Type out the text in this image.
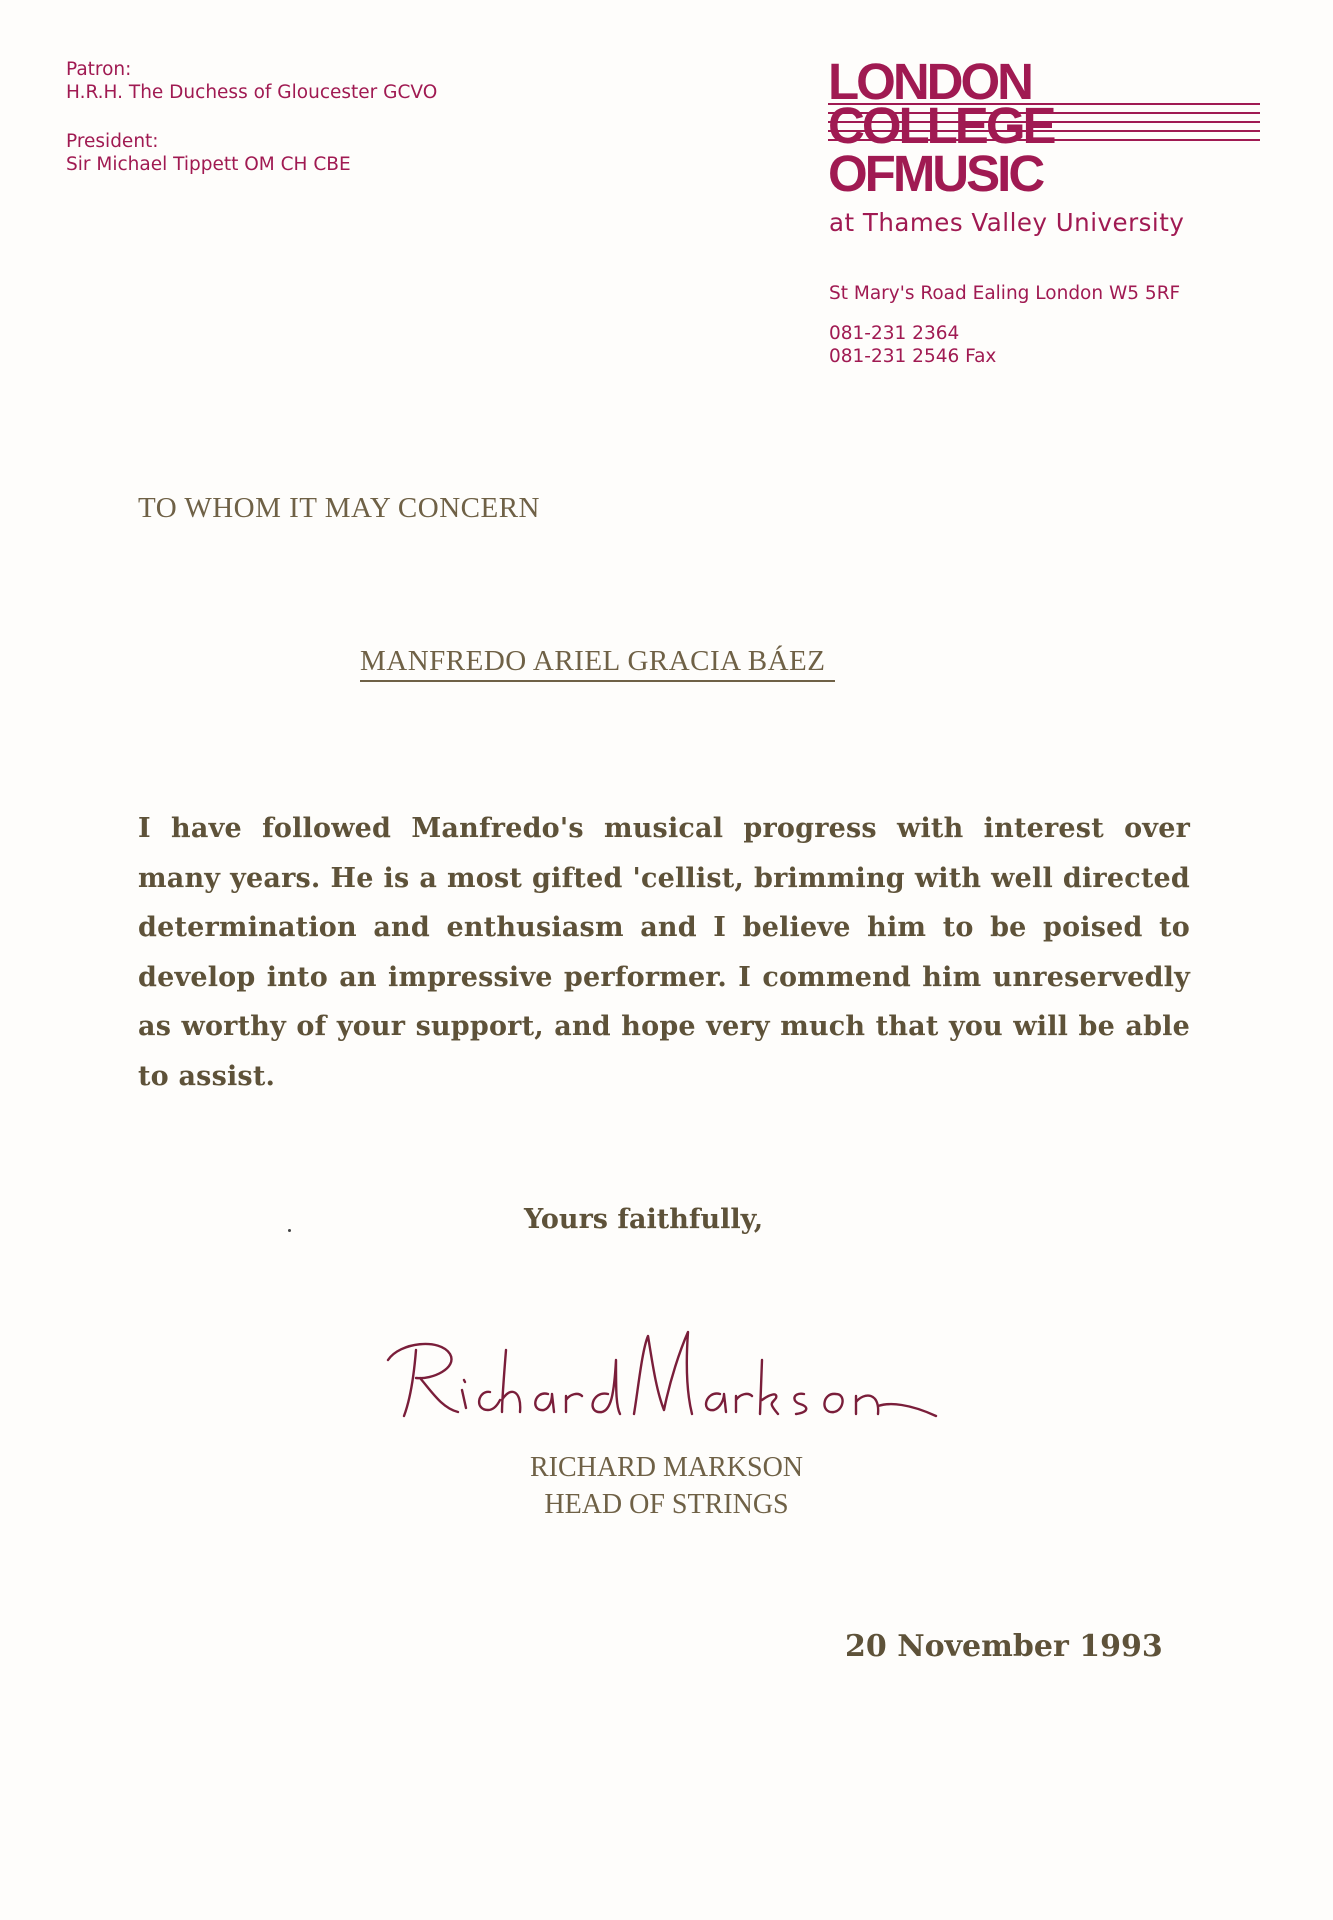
Patron:
H.R.H. The Duchess of Gloucester GCVO
President:
Sir Michael Tippett OM CH CBE
LONDON
COLLEGE
OFMUSIC
at Thames Valley University
St Mary's Road Ealing London W5 5RF
081-231 2364
081-231 2546 Fax
TO WHOM IT MAY CONCERN
MANFREDO ARIEL GRACIA BÁEZ
I have followed Manfredo's musical progress with interest over many years. He is a most gifted 'cellist, brimming with well directed determination and enthusiasm and I believe him to be poised to develop into an impressive performer. I commend him unreservedly as worthy of your support, and hope very much that you will be able to assist.
Yours faithfully,
RICHARD MARKSON
HEAD OF STRINGS
20 November 1993
